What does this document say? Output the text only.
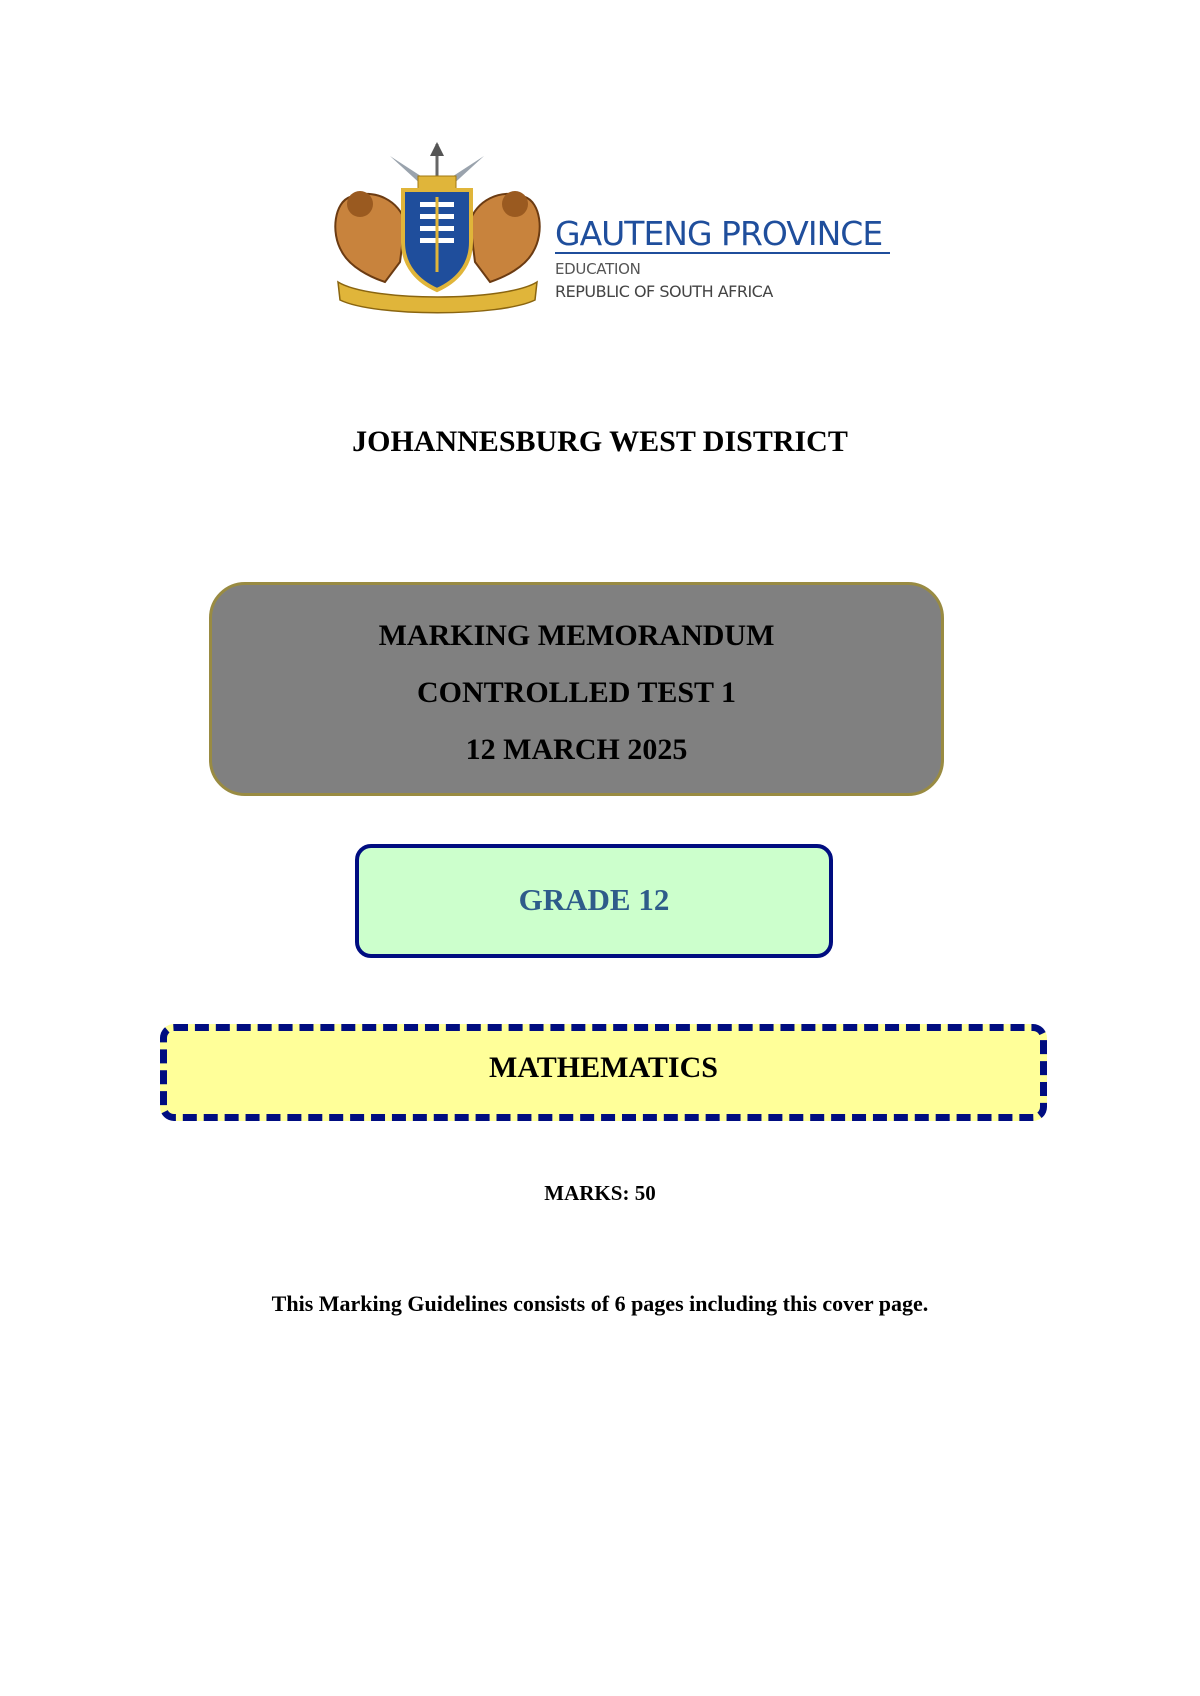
GAUTENG PROVINCE
EDUCATION
REPUBLIC OF SOUTH AFRICA
JOHANNESBURG WEST DISTRICT
MARKING MEMORANDUM
CONTROLLED TEST 1
12 MARCH 2025
GRADE 12
MATHEMATICS
MARKS: 50
This Marking Guidelines consists of 6 pages including this cover page.
